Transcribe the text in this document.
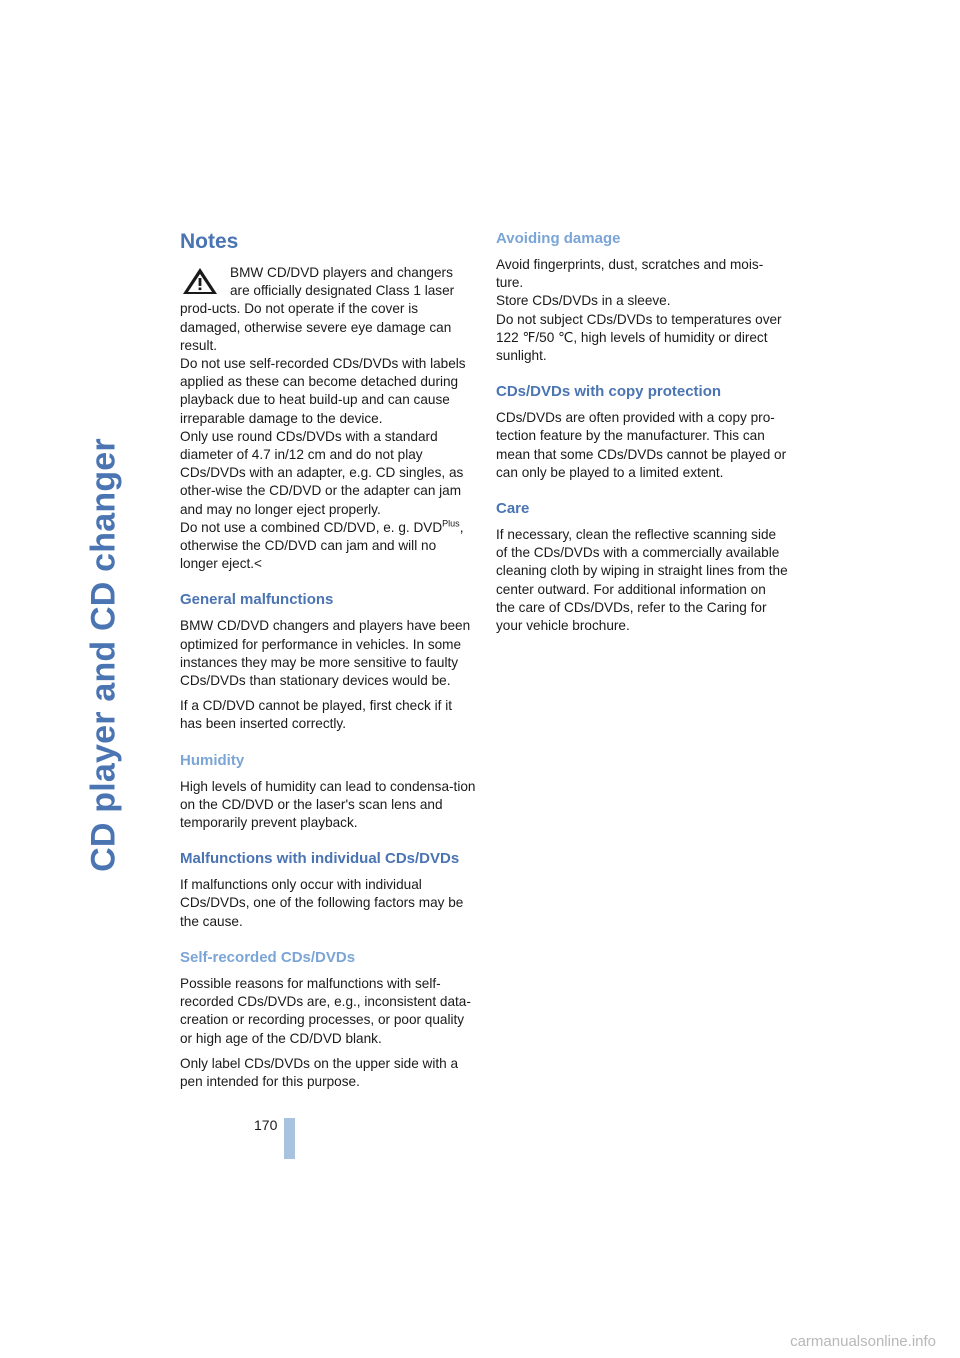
CD player and CD changer
Notes

BMW CD/DVD players and changers are officially designated Class 1 laser prod-ucts. Do not operate if the cover is damaged, otherwise severe eye damage can result.

Do not use self-recorded CDs/DVDs with labels applied as these can become detached during playback due to heat build-up and can cause irreparable damage to the device.

Only use round CDs/DVDs with a standard diameter of 4.7 in/12 cm and do not play CDs/DVDs with an adapter, e.g. CD singles, as other-wise the CD/DVD or the adapter can jam and may no longer eject properly.

Do not use a combined CD/DVD, e. g. $DVD^{Plus}$, otherwise the CD/DVD can jam and will no longer eject.<

General malfunctions

BMW CD/DVD changers and players have been optimized for performance in vehicles. In some instances they may be more sensitive to faulty CDs/DVDs than stationary devices would be.

If a CD/DVD cannot be played, first check if it has been inserted correctly.

Humidity

High levels of humidity can lead to condensa-tion on the CD/DVD or the laser's scan lens and temporarily prevent playback.

Malfunctions with individual CDs/DVDs

If malfunctions only occur with individual CDs/DVDs, one of the following factors may be the cause.

Self-recorded CDs/DVDs

Possible reasons for malfunctions with self-recorded CDs/DVDs are, e.g., inconsistent data-creation or recording processes, or poor quality or high age of the CD/DVD blank.

Only label CDs/DVDs on the upper side with a pen intended for this purpose.

Avoiding damage

Avoid fingerprints, dust, scratches and mois-ture.

Store CDs/DVDs in a sleeve.

Do not subject CDs/DVDs to temperatures over 122 ℉/50 ℃, high levels of humidity or direct sunlight.

CDs/DVDs with copy protection

CDs/DVDs are often provided with a copy pro-tection feature by the manufacturer. This can mean that some CDs/DVDs cannot be played or can only be played to a limited extent.

Care

If necessary, clean the reflective scanning side of the CDs/DVDs with a commercially available cleaning cloth by wiping in straight lines from the center outward. For additional information on the care of CDs/DVDs, refer to the Caring for your vehicle brochure.

170
carmanualsonline.info
